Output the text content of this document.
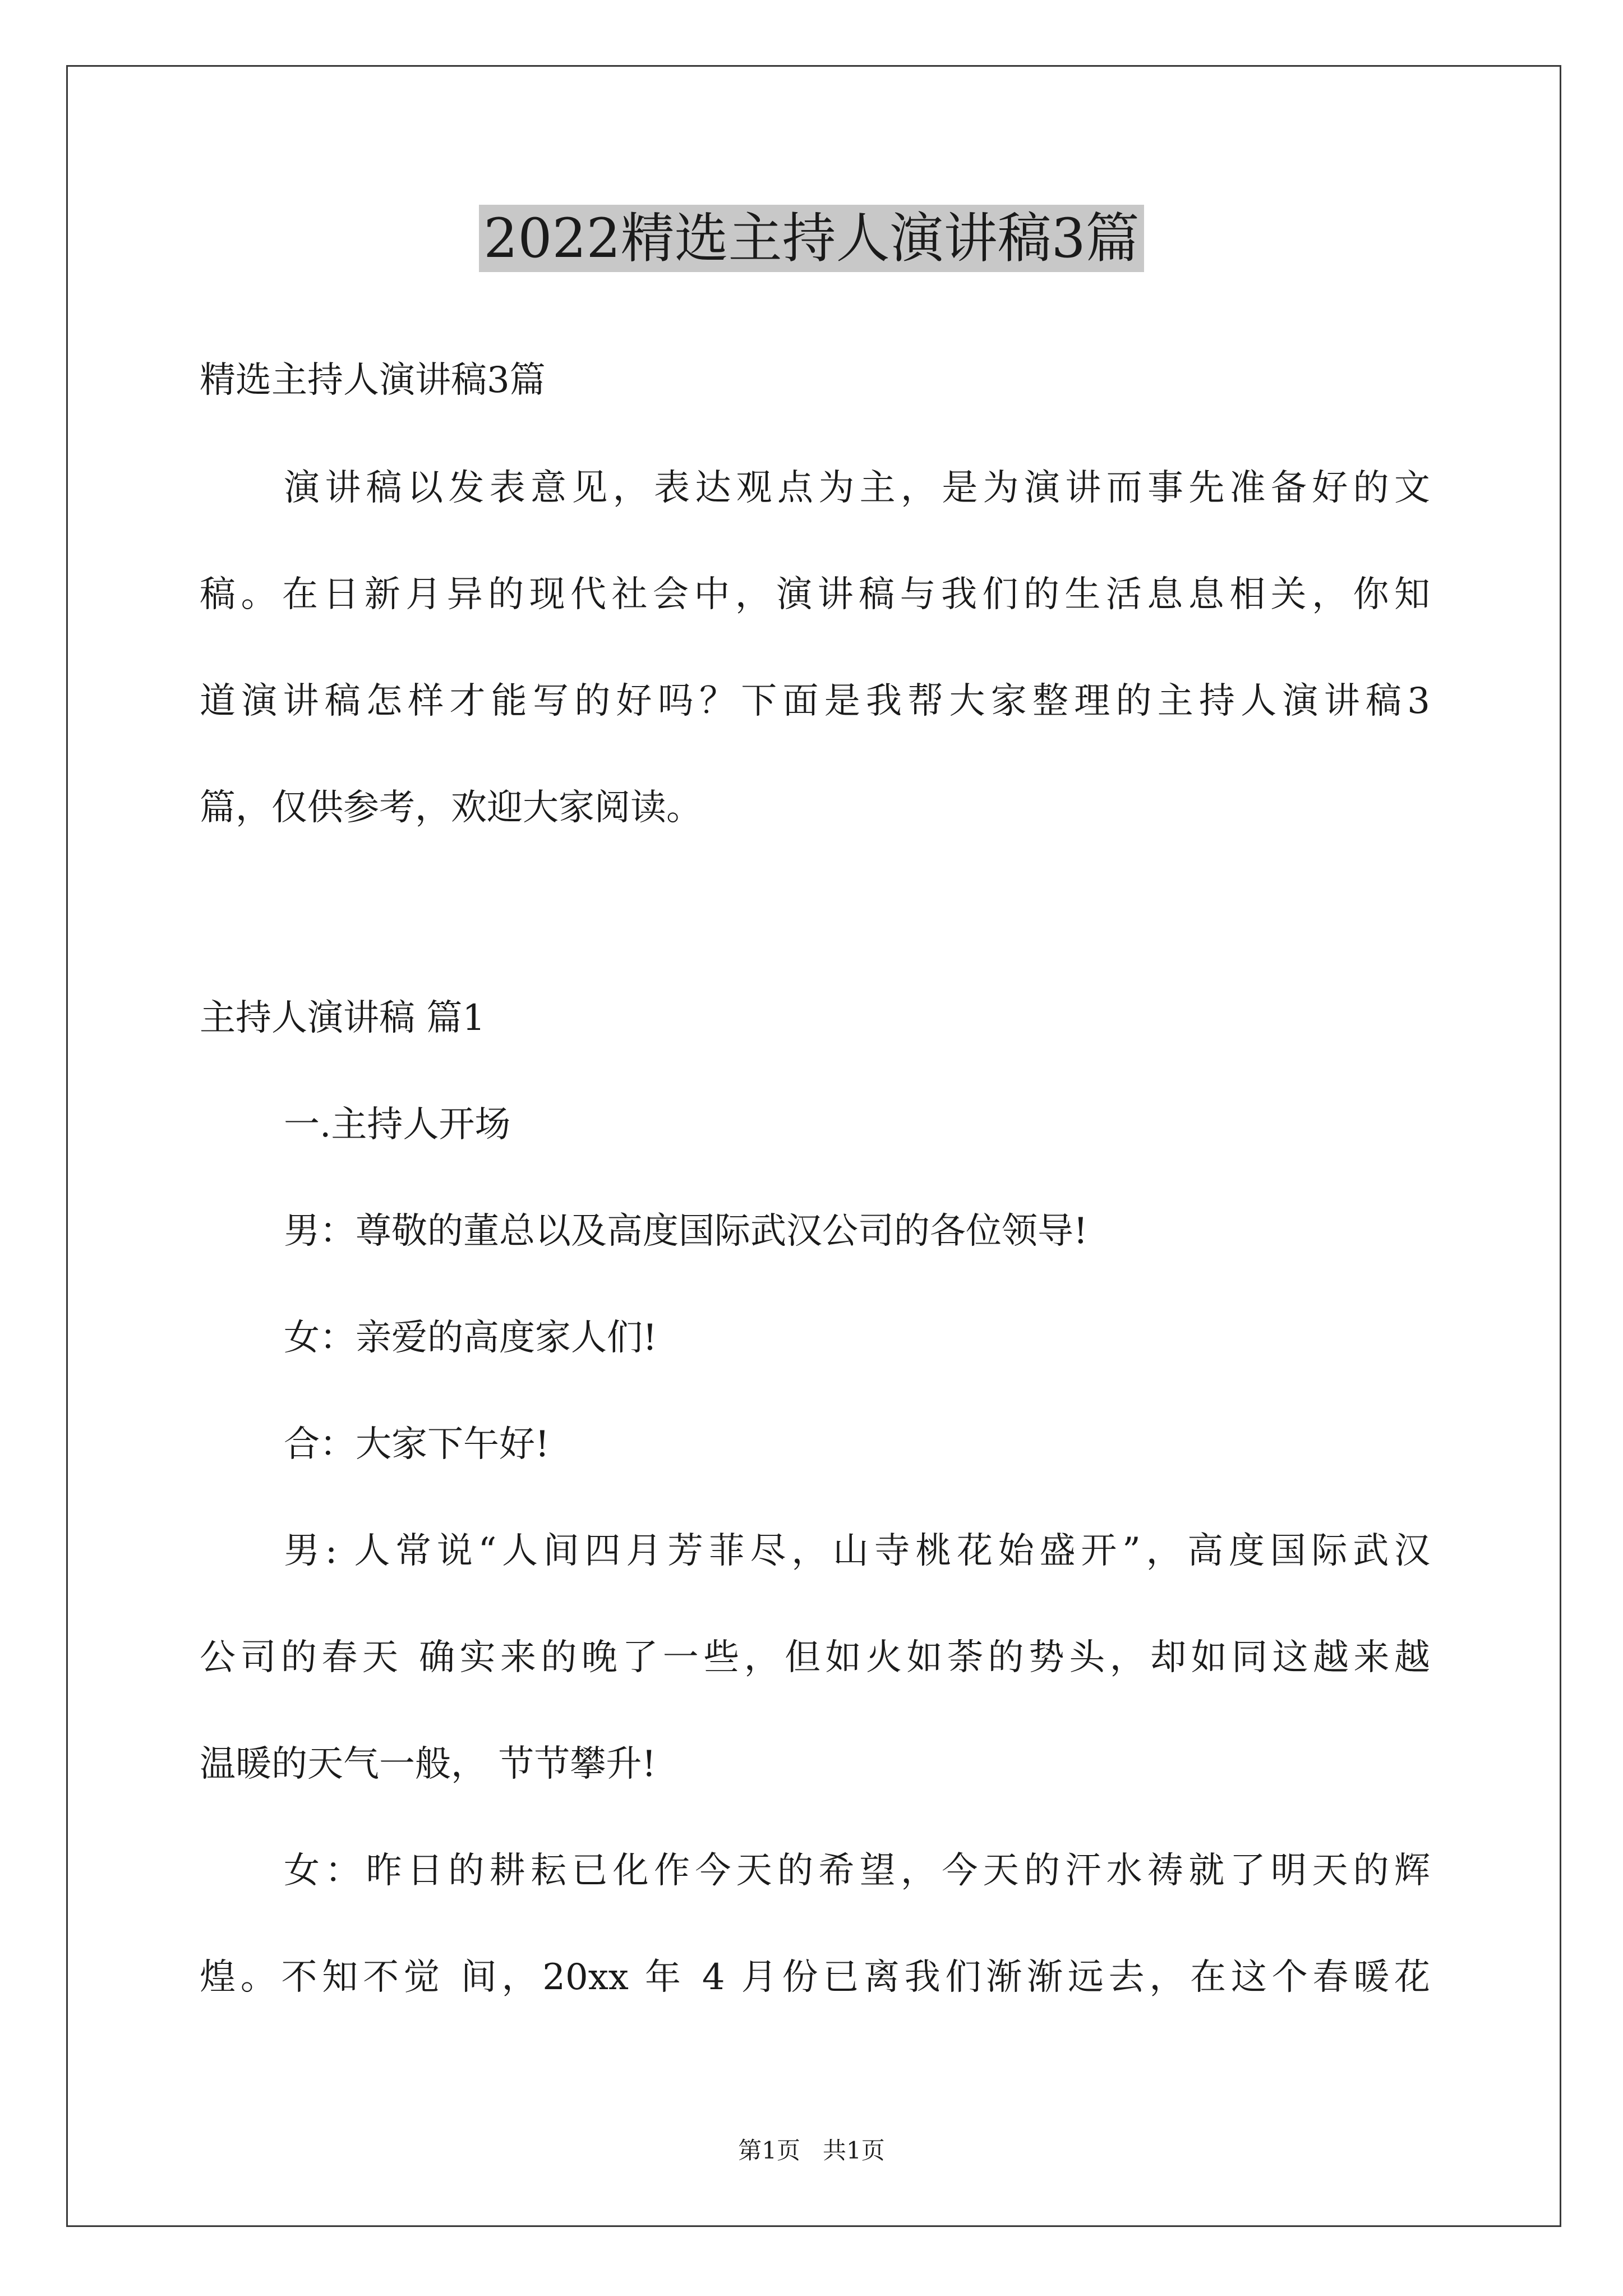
2022精选主持人演讲稿3篇
精选主持人演讲稿3篇
演讲稿以发表意见，表达观点为主，是为演讲而事先准备好的文
稿。在日新月异的现代社会中，演讲稿与我们的生活息息相关，你知
道演讲稿怎样才能写的好吗？下面是我帮大家整理的主持人演讲稿3
篇，仅供参考，欢迎大家阅读。
主持人演讲稿 篇1
一.主持人开场
男：尊敬的董总以及高度国际武汉公司的各位领导!
女：亲爱的高度家人们!
合：大家下午好!
男: 人常说“人间四月芳菲尽，山寺桃花始盛开”，高度国际武汉
公司的春天 确实来的晚了一些，但如火如荼的势头，却如同这越来越
温暖的天气一般， 节节攀升!
女：昨日的耕耘已化作今天的希望，今天的汗水祷就了明天的辉
煌。不知不觉 间，20xx 年 4 月份已离我们渐渐远去，在这个春暖花
第1页   共1页
